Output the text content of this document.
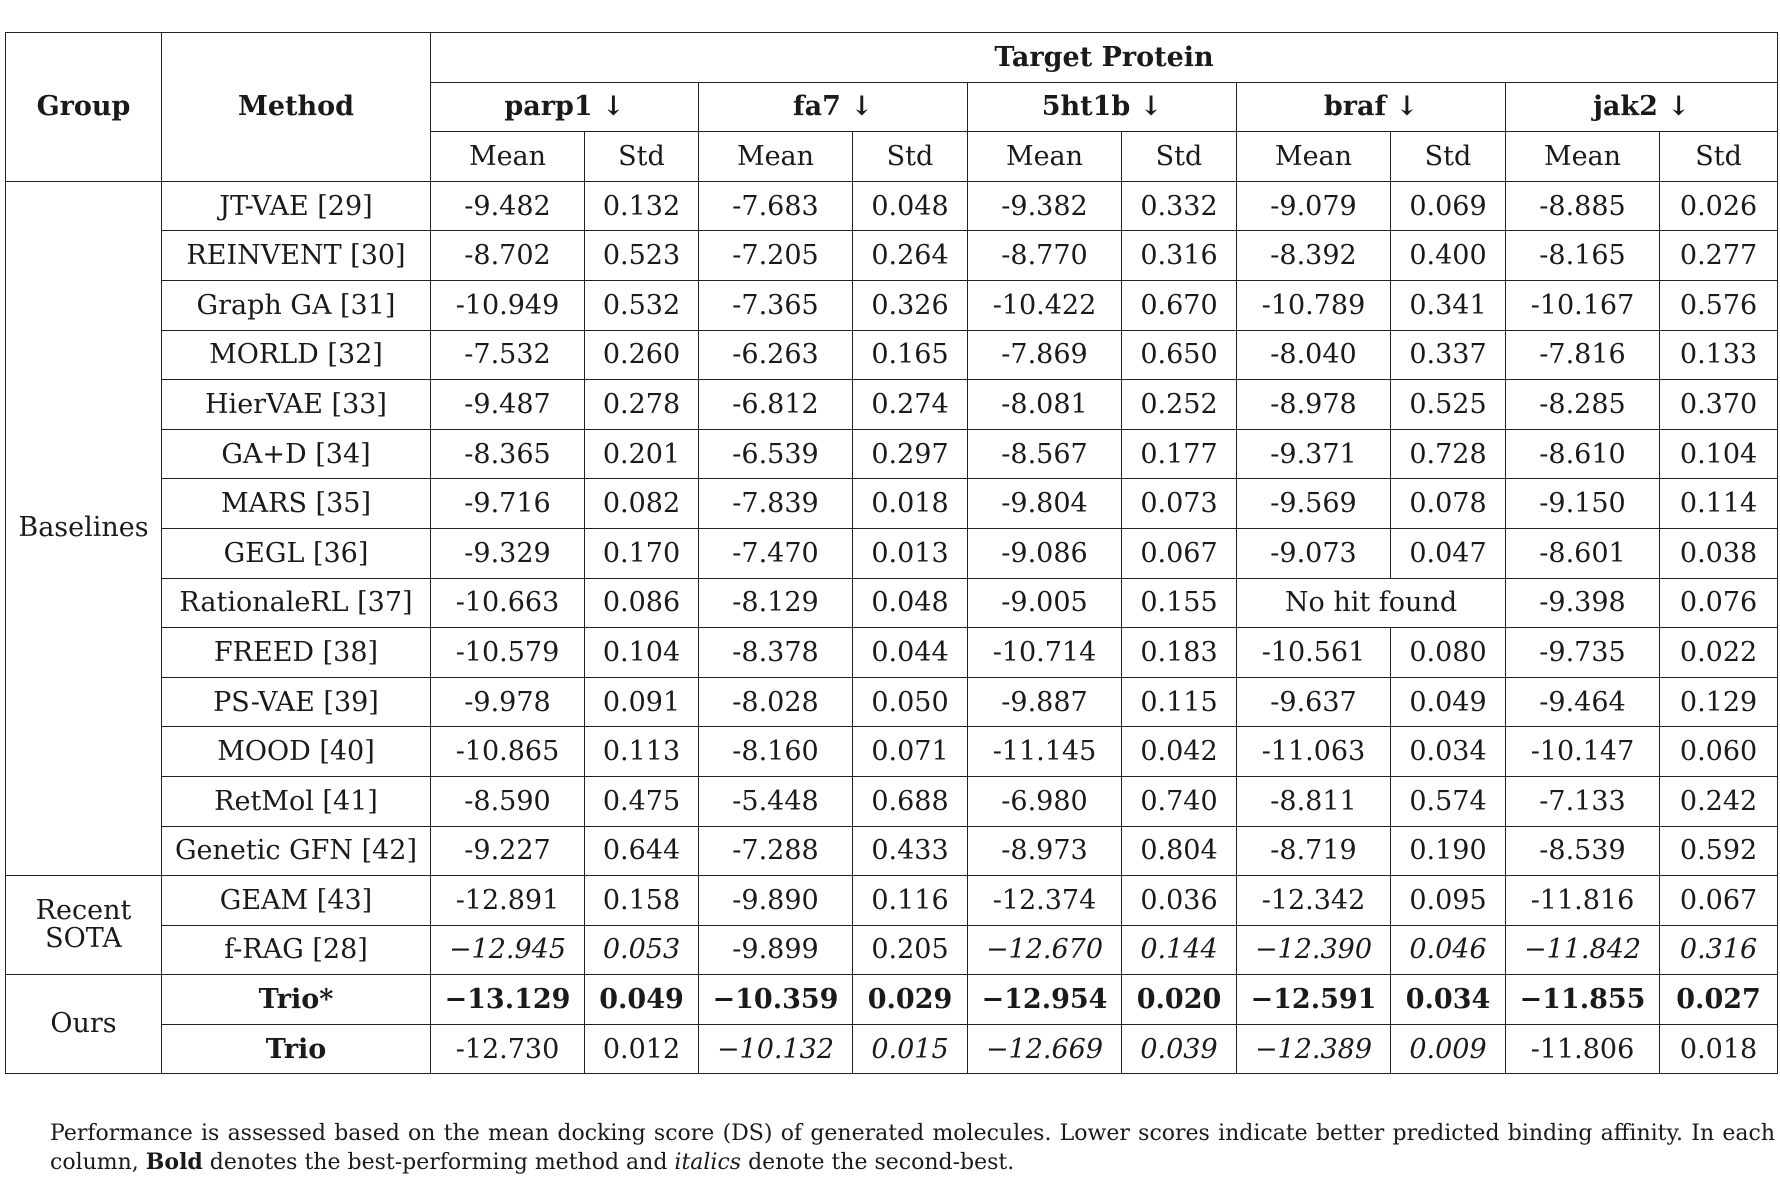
Group	Method	Target Protein									
		parp1 ↓		fa7 ↓		5ht1b ↓		braf ↓		jak2 ↓	
		Mean	Std	Mean	Std	Mean	Std	Mean	Std	Mean	Std
Baselines	JT-VAE [29]	-9.482	0.132	-7.683	0.048	-9.382	0.332	-9.079	0.069	-8.885	0.026
	REINVENT [30]	-8.702	0.523	-7.205	0.264	-8.770	0.316	-8.392	0.400	-8.165	0.277
	Graph GA [31]	-10.949	0.532	-7.365	0.326	-10.422	0.670	-10.789	0.341	-10.167	0.576
	MORLD [32]	-7.532	0.260	-6.263	0.165	-7.869	0.650	-8.040	0.337	-7.816	0.133
	HierVAE [33]	-9.487	0.278	-6.812	0.274	-8.081	0.252	-8.978	0.525	-8.285	0.370
	GA+D [34]	-8.365	0.201	-6.539	0.297	-8.567	0.177	-9.371	0.728	-8.610	0.104
	MARS [35]	-9.716	0.082	-7.839	0.018	-9.804	0.073	-9.569	0.078	-9.150	0.114
	GEGL [36]	-9.329	0.170	-7.470	0.013	-9.086	0.067	-9.073	0.047	-8.601	0.038
	RationaleRL [37]	-10.663	0.086	-8.129	0.048	-9.005	0.155	No hit found		-9.398	0.076
	FREED [38]	-10.579	0.104	-8.378	0.044	-10.714	0.183	-10.561	0.080	-9.735	0.022
	PS-VAE [39]	-9.978	0.091	-8.028	0.050	-9.887	0.115	-9.637	0.049	-9.464	0.129
	MOOD [40]	-10.865	0.113	-8.160	0.071	-11.145	0.042	-11.063	0.034	-10.147	0.060
	RetMol [41]	-8.590	0.475	-5.448	0.688	-6.980	0.740	-8.811	0.574	-7.133	0.242
	Genetic GFN [42]	-9.227	0.644	-7.288	0.433	-8.973	0.804	-8.719	0.190	-8.539	0.592
Recent SOTA	GEAM [43]	-12.891	0.158	-9.890	0.116	-12.374	0.036	-12.342	0.095	-11.816	0.067
	f-RAG [28]	−12.945	0.053	-9.899	0.205	−12.670	0.144	−12.390	0.046	−11.842	0.316
Ours	Trio*	−13.129	0.049	−10.359	0.029	−12.954	0.020	−12.591	0.034	−11.855	0.027
	Trio	-12.730	0.012	−10.132	0.015	−12.669	0.039	−12.389	0.009	-11.806	0.018

Performance is assessed based on the mean docking score (DS) of generated molecules. Lower scores indicate better predicted binding affinity. In each column, Bold denotes the best-performing method and italics denote the second-best.
